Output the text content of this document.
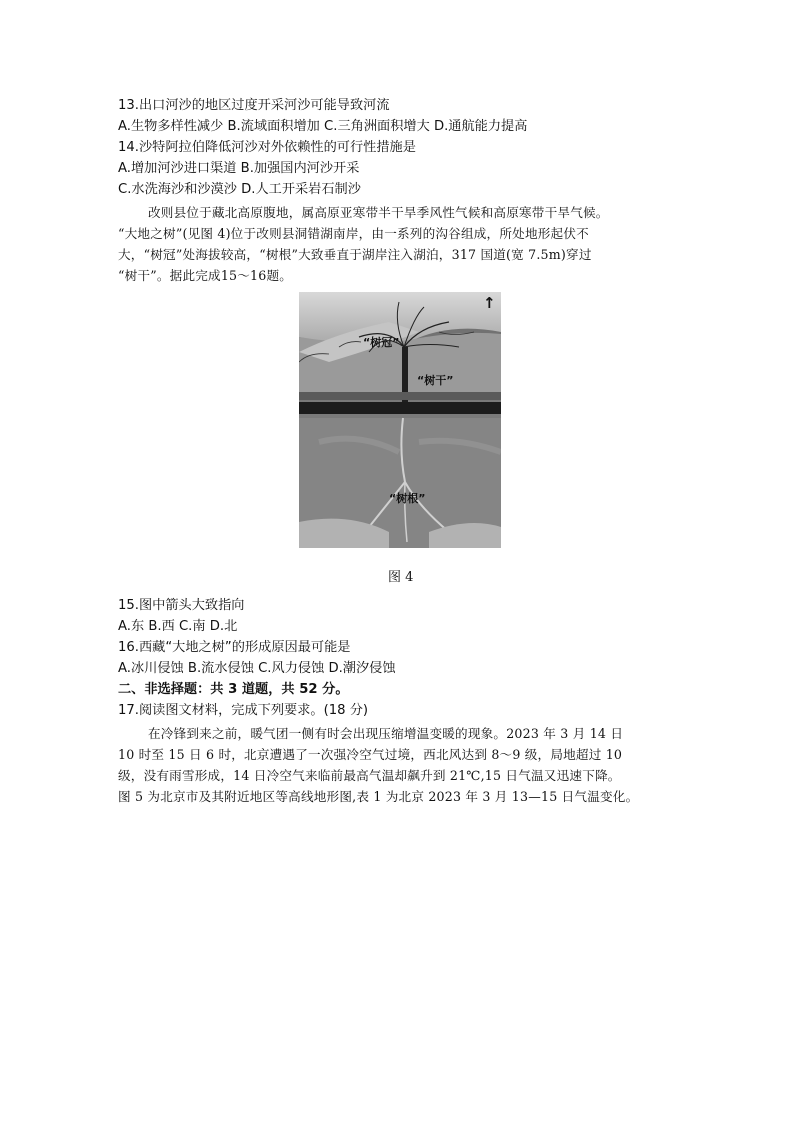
13.出口河沙的地区过度开采河沙可能导致河流
A.生物多样性减少 B.流域面积增加 C.三角洲面积增大 D.通航能力提高
14.沙特阿拉伯降低河沙对外依赖性的可行性措施是
A.增加河沙进口渠道 B.加强国内河沙开采
C.水洗海沙和沙漠沙 D.人工开采岩石制沙
改则县位于藏北高原腹地，属高原亚寒带半干旱季风性气候和高原寒带干旱气候。
“大地之树”(见图 4)位于改则县洞错湖南岸，由一系列的沟谷组成，所处地形起伏不
大，“树冠”处海拔较高，“树根”大致垂直于湖岸注入湖泊，317 国道(宽 7.5m)穿过
“树干”。据此完成15～16题。
↑
“树冠”
“树干”
“树根”
图 4
15.图中箭头大致指向
A.东 B.西 C.南 D.北
16.西藏“大地之树”的形成原因最可能是
A.冰川侵蚀 B.流水侵蚀 C.风力侵蚀 D.潮汐侵蚀
二、非选择题：共 3 道题，共 52 分。
17.阅读图文材料，完成下列要求。(18 分)
在冷锋到来之前，暖气团一侧有时会出现压缩增温变暖的现象。2023 年 3 月 14 日
10 时至 15 日 6 时，北京遭遇了一次强冷空气过境，西北风达到 8～9 级，局地超过 10
级，没有雨雪形成，14 日冷空气来临前最高气温却飙升到 21℃,15 日气温又迅速下降。
图 5 为北京市及其附近地区等高线地形图,表 1 为北京 2023 年 3 月 13—15 日气温变化。
